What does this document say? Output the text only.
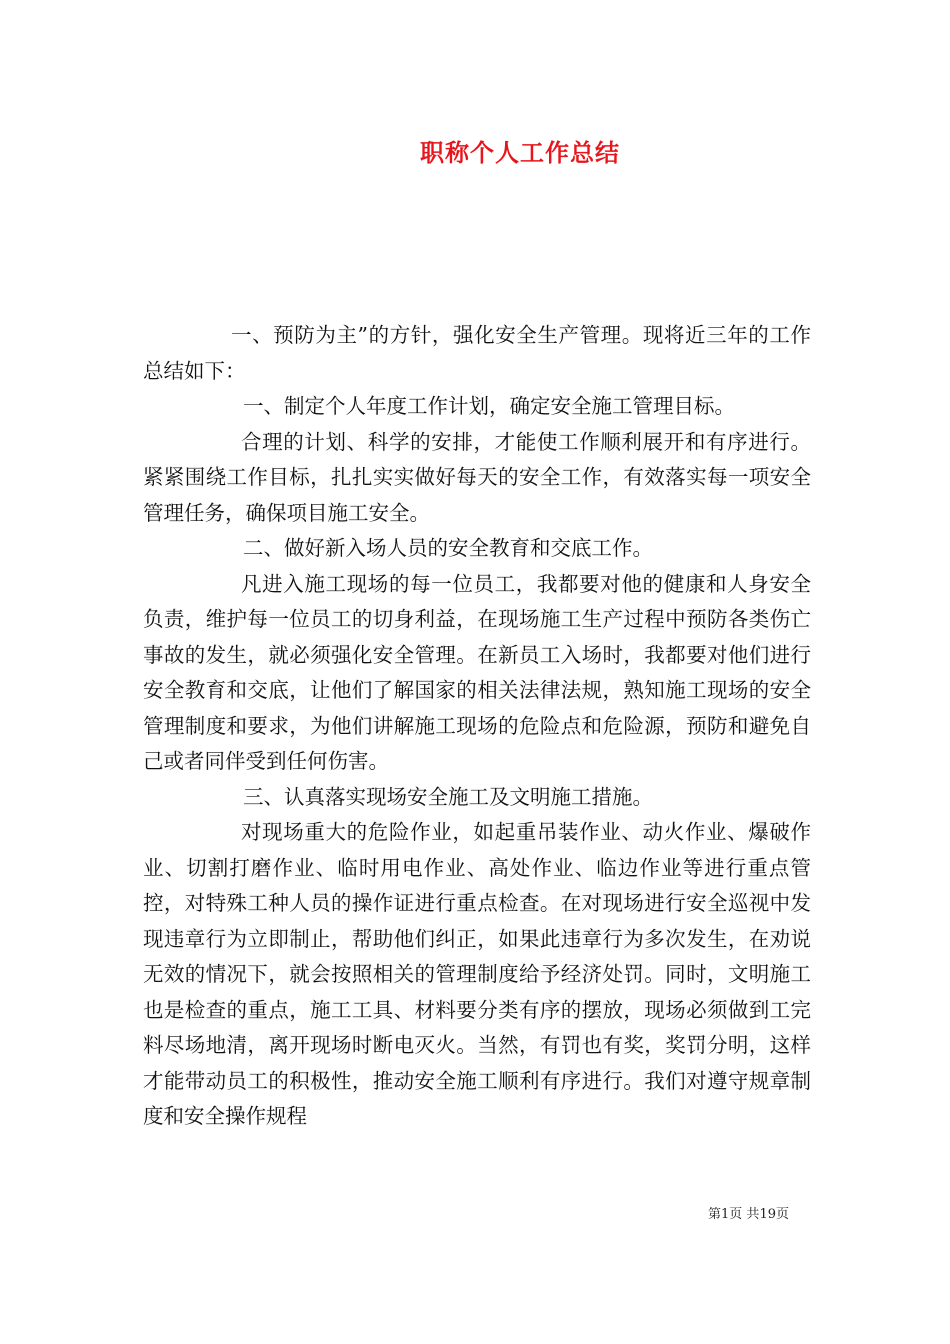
职称个人工作总结

一、预防为主”的方针，强化安全生产管理。现将近三年的工作总结如下：

一、制定个人年度工作计划，确定安全施工管理目标。

合理的计划、科学的安排，才能使工作顺利展开和有序进行。紧紧围绕工作目标，扎扎实实做好每天的安全工作，有效落实每一项安全管理任务，确保项目施工安全。

二、做好新入场人员的安全教育和交底工作。

凡进入施工现场的每一位员工，我都要对他的健康和人身安全负责，维护每一位员工的切身利益，在现场施工生产过程中预防各类伤亡事故的发生，就必须强化安全管理。在新员工入场时，我都要对他们进行安全教育和交底，让他们了解国家的相关法律法规，熟知施工现场的安全管理制度和要求，为他们讲解施工现场的危险点和危险源，预防和避免自己或者同伴受到任何伤害。

三、认真落实现场安全施工及文明施工措施。

对现场重大的危险作业，如起重吊装作业、动火作业、爆破作业、切割打磨作业、临时用电作业、高处作业、临边作业等进行重点管控，对特殊工种人员的操作证进行重点检查。在对现场进行安全巡视中发现违章行为立即制止，帮助他们纠正，如果此违章行为多次发生，在劝说无效的情况下，就会按照相关的管理制度给予经济处罚。同时，文明施工也是检查的重点，施工工具、材料要分类有序的摆放，现场必须做到工完料尽场地清，离开现场时断电灭火。当然，有罚也有奖，奖罚分明，这样才能带动员工的积极性，推动安全施工顺利有序进行。我们对遵守规章制度和安全操作规程

第1页 共19页
